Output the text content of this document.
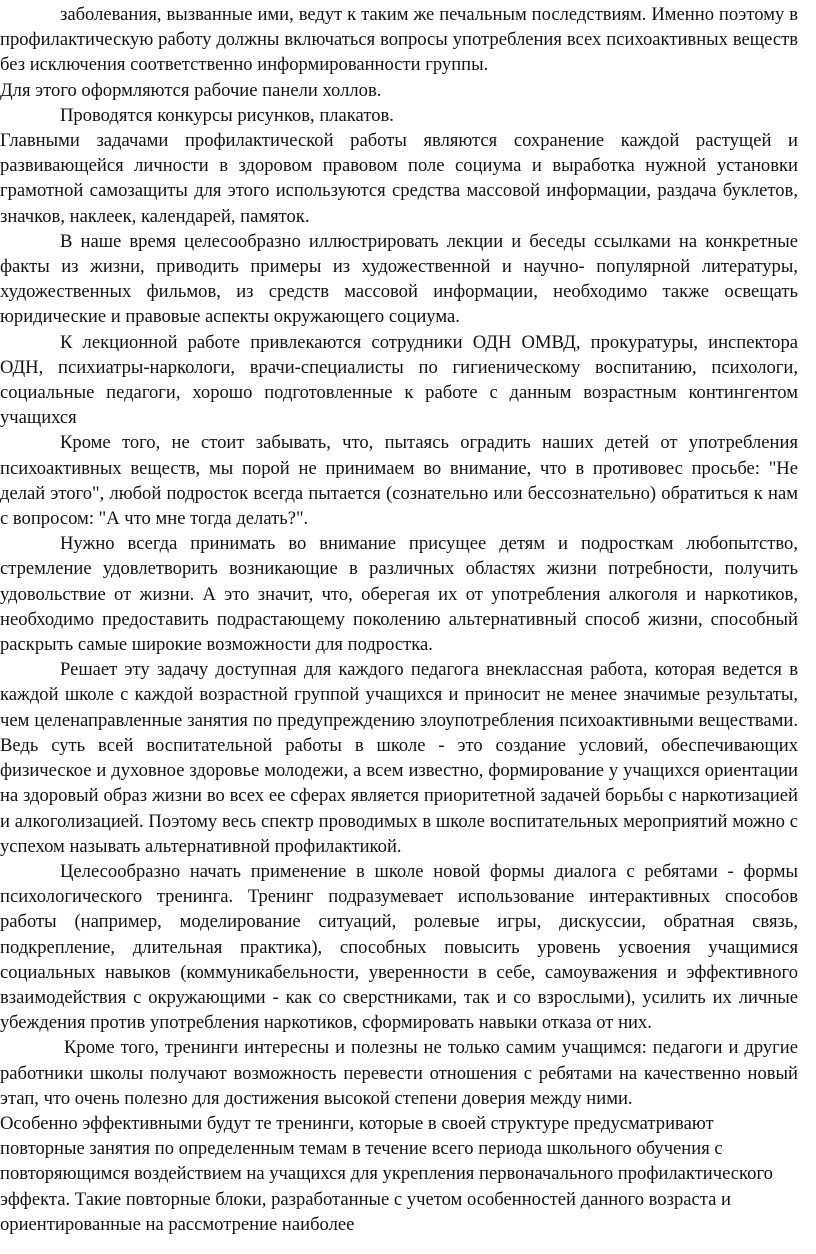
заболевания, вызванные ими, ведут к таким же печальным последствиям. Именно поэтому в профилактическую работу должны включаться вопросы употребления всех психоактивных веществ без исключения соответственно информированности группы.

Для этого оформляются рабочие панели холлов.

Проводятся конкурсы рисунков, плакатов.

Главными задачами профилактической работы являются сохранение каждой растущей и развивающейся личности в здоровом правовом поле социума и выработка нужной установки грамотной самозащиты для этого используются средства массовой информации, раздача буклетов, значков, наклеек, календарей, памяток.

В наше время целесообразно иллюстрировать лекции и беседы ссылками на конкретные факты из жизни, приводить примеры из художественной и научно- популярной литературы, художественных фильмов, из средств массовой информации, необходимо также освещать юридические и правовые аспекты окружающего социума.

К лекционной работе привлекаются сотрудники ОДН ОМВД, прокуратуры, инспектора ОДН, психиатры-наркологи, врачи-специалисты по гигиеническому воспитанию, психологи, социальные педагоги, хорошо подготовленные к работе с данным возрастным контингентом учащихся

Кроме того, не стоит забывать, что, пытаясь оградить наших детей от употребления психоактивных веществ, мы порой не принимаем во внимание, что в противовес просьбе: "Не делай этого", любой подросток всегда пытается (сознательно или бессознательно) обратиться к нам с вопросом: "А что мне тогда делать?".

Нужно всегда принимать во внимание присущее детям и подросткам любопытство, стремление удовлетворить возникающие в различных областях жизни потребности, получить удовольствие от жизни. А это значит, что, оберегая их от употребления алкоголя и наркотиков, необходимо предоставить подрастающему поколению альтернативный способ жизни, способный раскрыть самые широкие возможности для подростка.

Решает эту задачу доступная для каждого педагога внеклассная работа, которая ведется в каждой школе с каждой возрастной группой учащихся и приносит не менее значимые результаты, чем целенаправленные занятия по предупреждению злоупотребления психоактивными веществами. Ведь суть всей воспитательной работы в школе - это создание условий, обеспечивающих физическое и духовное здоровье молодежи, а всем известно, формирование у учащихся ориентации на здоровый образ жизни во всех ее сферах является приоритетной задачей борьбы с наркотизацией и алкоголизацией. Поэтому весь спектр проводимых в школе воспитательных мероприятий можно с успехом называть альтернативной профилактикой.

Целесообразно начать применение в школе новой формы диалога с ребятами - формы психологического тренинга. Тренинг подразумевает использование интерактивных способов работы (например, моделирование ситуаций, ролевые игры, дискуссии, обратная связь, подкрепление, длительная практика), способных повысить уровень усвоения учащимися социальных навыков (коммуникабельности, уверенности в себе, самоуважения и эффективного взаимодействия с окружающими - как со сверстниками, так и со взрослыми), усилить их личные убеждения против употребления наркотиков, сформировать навыки отказа от них.

Кроме того, тренинги интересны и полезны не только самим учащимся: педагоги и другие работники школы получают возможность перевести отношения с ребятами на качественно новый этап, что очень полезно для достижения высокой степени доверия между ними.

Особенно эффективными будут те тренинги, которые в своей структуре предусматривают повторные занятия по определенным темам в течение всего периода школьного обучения с повторяющимся воздействием на учащихся для укрепления первоначального профилактического эффекта. Такие повторные блоки, разработанные с учетом особенностей данного возраста и ориентированные на рассмотрение наиболее
